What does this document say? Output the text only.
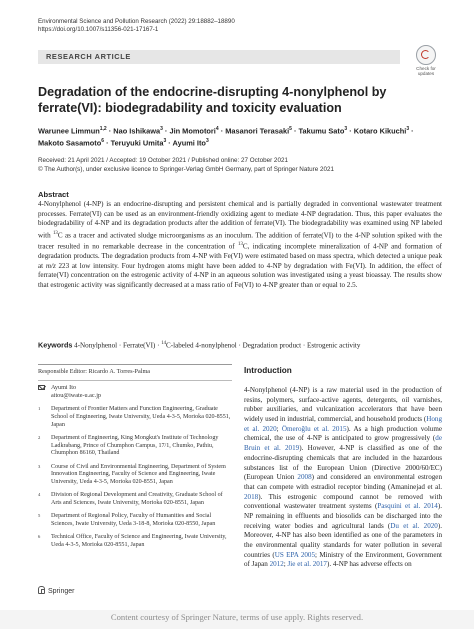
Environmental Science and Pollution Research (2022) 29:18882–18890
https://doi.org/10.1007/s11356-021-17167-1
RESEARCH ARTICLE
Check for
updates
Degradation of the endocrine-disrupting 4-nonylphenol by ferrate(VI): biodegradability and toxicity evaluation
Warunee Limmun$^{1,2}$ · Nao Ishikawa$^3$ · Jin Momotori$^4$ · Masanori Terasaki$^5$ · Takumu Sato$^3$ · Kotaro Kikuchi$^3$ · Makoto Sasamoto$^6$ · Teruyuki Umita$^3$ · Ayumi Ito$^3$
Received: 21 April 2021 / Accepted: 19 October 2021 / Published online: 27 October 2021
© The Author(s), under exclusive licence to Springer-Verlag GmbH Germany, part of Springer Nature 2021
Abstract
4-Nonylphenol (4-NP) is an endocrine-disrupting and persistent chemical and is partially degraded in conventional wastewater treatment processes. Ferrate(VI) can be used as an environment-friendly oxidizing agent to mediate 4-NP degradation. Thus, this paper evaluates the biodegradability of 4-NP and its degradation products after the addition of ferrate(VI). The biodegradability was examined using NP labeled with $^{13}$C as a tracer and activated sludge microorganisms as an inoculum. The addition of ferrate(VI) to the 4-NP solution spiked with the tracer resulted in no remarkable decrease in the concentration of $^{13}$C, indicating incomplete mineralization of 4-NP and formation of degradation products. The degradation products from 4-NP with Fe(VI) were estimated based on mass spectra, which detected a unique peak at m/z 223 at low intensity. Four hydrogen atoms might have been added to 4-NP by degradation with Fe(VI). In addition, the effect of ferrate(VI) concentration on the estrogenic activity of 4-NP in an aqueous solution was investigated using a yeast bioassay. The results show that estrogenic activity was significantly decreased at a mass ratio of Fe(VI) to 4-NP greater than or equal to 2.5.
Keywords 4-Nonylphenol · Ferrate(VI) · $^{14}$C-labeled 4-nonylphenol · Degradation product · Estrogenic activity
Responsible Editor: Ricardo A. Torres-Palma
Ayumi Ito
aitou@iwate-u.ac.jp
1 Department of Frontier Matters and Function Engineering, Graduate School of Engineering, Iwate University, Ueda 4-3-5, Morioka 020-8551, Japan
2 Department of Engineering, King Mongkut's Institute of Technology Ladkrabang, Prince of Chumphon Campus, 17/1, Chumko, Pathiu, Chumphon 86160, Thailand
3 Course of Civil and Environmental Engineering, Department of System Innovation Engineering, Faculty of Science and Engineering, Iwate University, Ueda 4-3-5, Morioka 020-8551, Japan
4 Division of Regional Development and Creativity, Graduate School of Arts and Sciences, Iwate University, Morioka 020-8551, Japan
5 Department of Regional Policy, Faculty of Humanities and Social Sciences, Iwate University, Ueda 3-18-8, Morioka 020-8550, Japan
6 Technical Office, Faculty of Science and Engineering, Iwate University, Ueda 4-3-5, Morioka 020-8551, Japan
Springer
Introduction
4-Nonylphenol (4-NP) is a raw material used in the production of resins, polymers, surface-active agents, detergents, oil varnishes, rubber auxiliaries, and vulcanization accelerators that have been widely used in industrial, commercial, and household products (Hong et al. 2020; Ömeroğlu et al. 2015). As a high production volume chemical, the use of 4-NP is anticipated to grow progressively (de Bruin et al. 2019). However, 4-NP is classified as one of the endocrine-disrupting chemicals that are included in the hazardous substances list of the European Union (Directive 2000/60/EC) (European Union 2008) and considered an environmental estrogen that can compete with estradiol receptor binding (Amaninejad et al. 2018). This estrogenic compound cannot be removed with conventional wastewater treatment systems (Pasquini et al. 2014). NP remaining in effluents and biosolids can be discharged into the receiving water bodies and agricultural lands (Du et al. 2020). Moreover, 4-NP has also been identified as one of the parameters in the environmental quality standards for water pollution in several countries (US EPA 2005; Ministry of the Environment, Government of Japan 2012; Jie et al. 2017). 4-NP has adverse effects on
Content courtesy of Springer Nature, terms of use apply. Rights reserved.
